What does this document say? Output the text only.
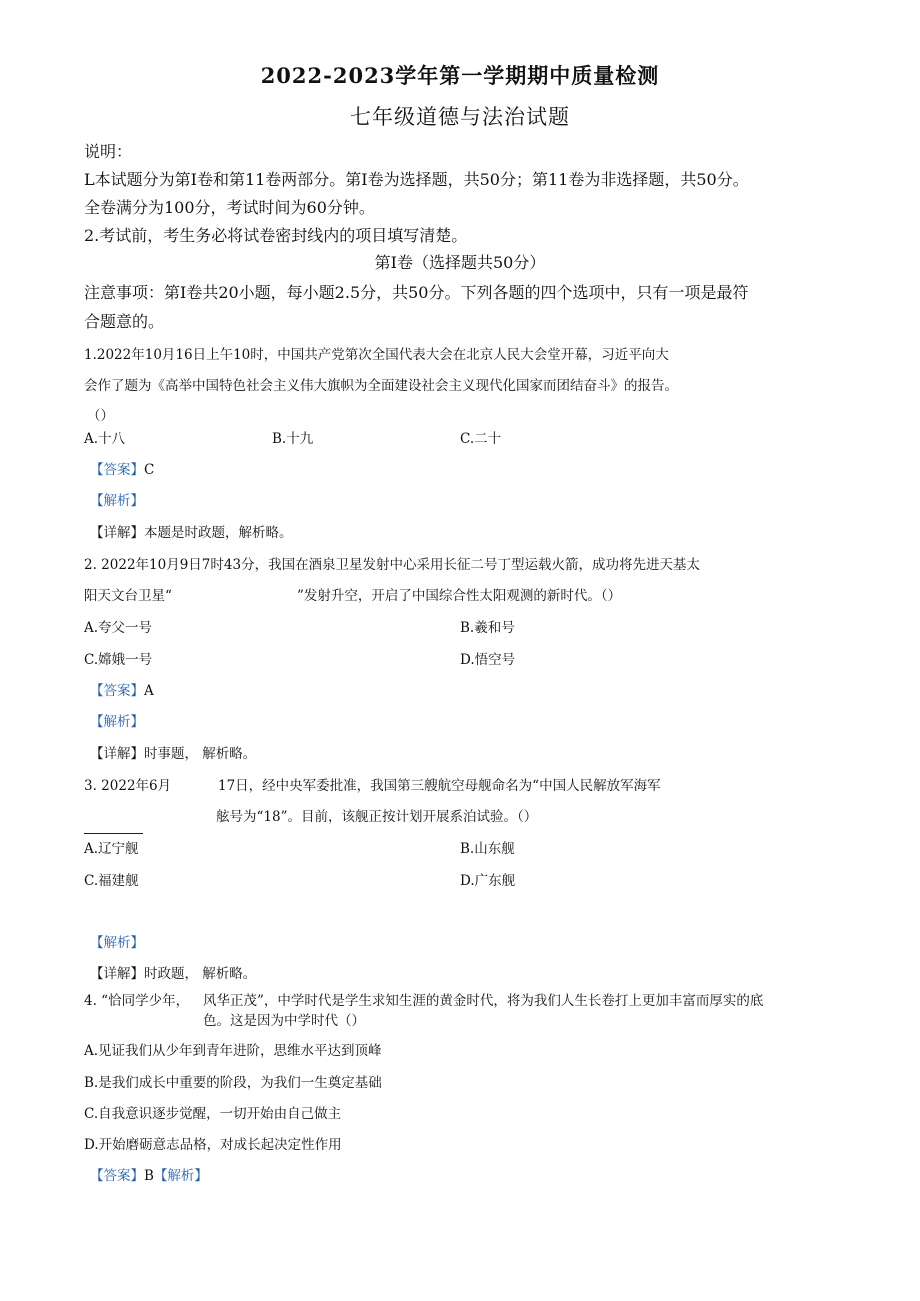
2022-2023学年第一学期期中质量检测
七年级道德与法治试题
说明：
L本试题分为第I卷和第11卷两部分。第I卷为选择题，共50分；第11卷为非选择题，共50分。
全卷满分为100分，考试时间为60分钟。
2.考试前，考生务必将试卷密封线内的项目填写清楚。
第I卷（选择题共50分）
注意事项：第I卷共20小题，每小题2.5分，共50分。下列各题的四个选项中，只有一项是最符
合题意的。
1.2022年10月16日上午10时，中国共产党第次全国代表大会在北京人民大会堂开幕，习近平向大
会作了题为《高举中国特色社会主义伟大旗帜为全面建设社会主义现代化国家而团结奋斗》的报告。
（）
A.十八	B.十九	C.二十
【答案】C
【解析】
【详解】本题是时政题，解析略。
2. 2022年10月9日7时43分，我国在酒泉卫星发射中心采用长征二号丁型运载火箭，成功将先进天基太
阳天文台卫星“	”发射升空，开启了中国综合性太阳观测的新时代。（）
A.夸父一号	B.羲和号
C.嫦娥一号	D.悟空号
【答案】A
【解析】
【详解】时事题， 解析略。
3. 2022年6月	17日，经中央军委批准，我国第三艘航空母舰命名为“中国人民解放军海军
舷号为“18”。目前，该舰正按计划开展系泊试验。（）
A.辽宁舰	B.山东舰
C.福建舰	D.广东舰
【解析】
【详解】时政题， 解析略。
4. “恰同学少年， 风华正茂”，中学时代是学生求知生涯的黄金时代，将为我们人生长卷打上更加丰富而厚实的底
色。这是因为中学时代（）
A.见证我们从少年到青年进阶，思维水平达到顶峰
B.是我们成长中重要的阶段，为我们一生奠定基础
C.自我意识逐步觉醒，一切开始由自己做主
D.开始磨砺意志品格，对成长起决定性作用
【答案】B【解析】
